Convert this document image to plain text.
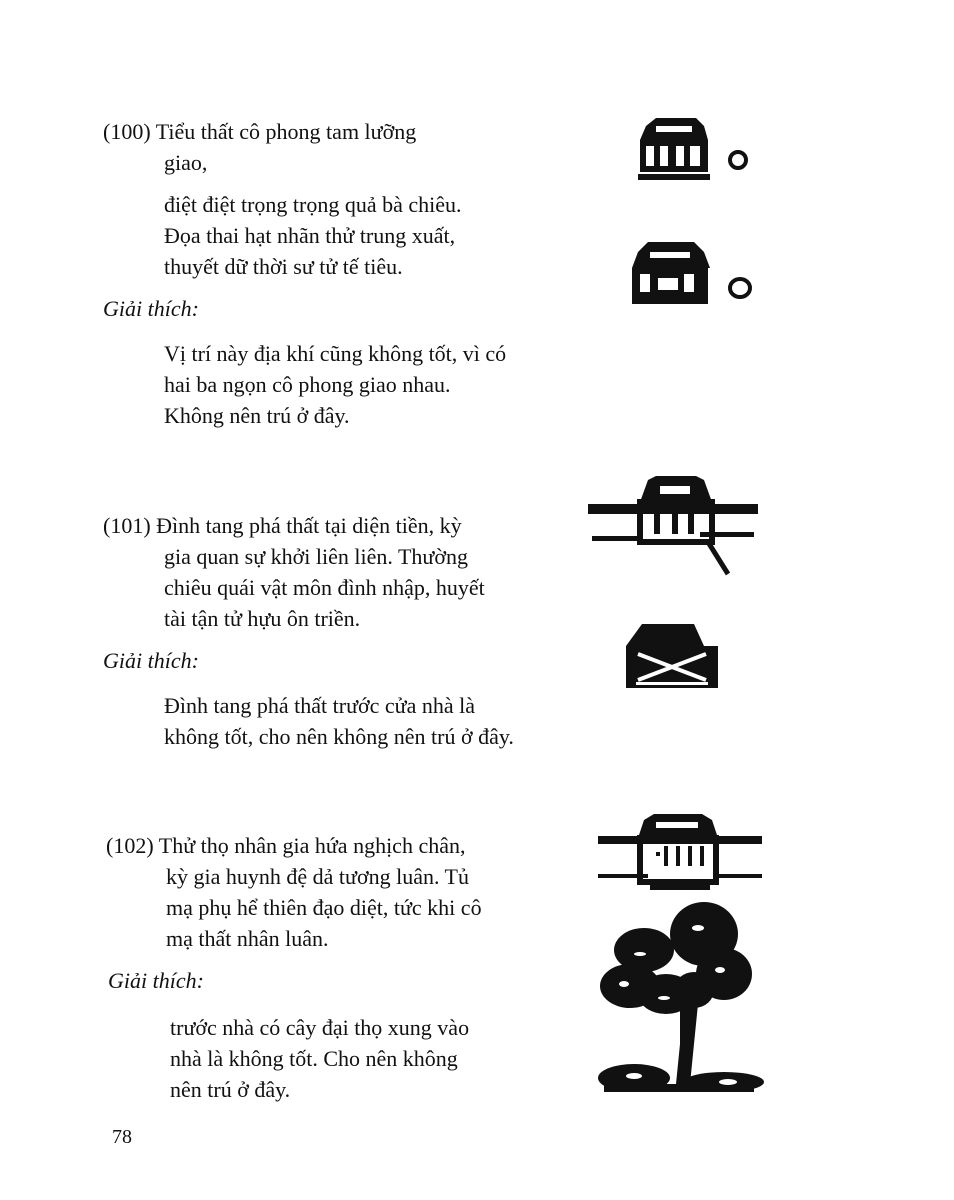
(100) Tiểu thất cô phong tam lưỡng
giao,
điệt điệt trọng trọng quả bà chiêu.
Đọa thai hạt nhãn thử trung xuất,
thuyết dữ thời sư tử tế tiêu.
Giải thích:
Vị trí này địa khí cũng không tốt, vì có
hai ba ngọn cô phong giao nhau.
Không nên trú ở đây.
(101) Đình tang phá thất tại diện tiền, kỳ
gia quan sự khởi liên liên. Thường
chiêu quái vật môn đình nhập, huyết
tài tận tử hựu ôn triền.
Giải thích:
Đình tang phá thất trước cửa nhà là
không tốt, cho nên không nên trú ở đây.
(102) Thử thọ nhân gia hứa nghịch chân,
kỳ gia huynh đệ dả tương luân. Tủ
mạ phụ hể thiên đạo diệt, tức khi cô
mạ thất nhân luân.
Giải thích:
trước nhà có cây đại thọ xung vào
nhà là không tốt. Cho nên không
nên trú ở đây.
78
